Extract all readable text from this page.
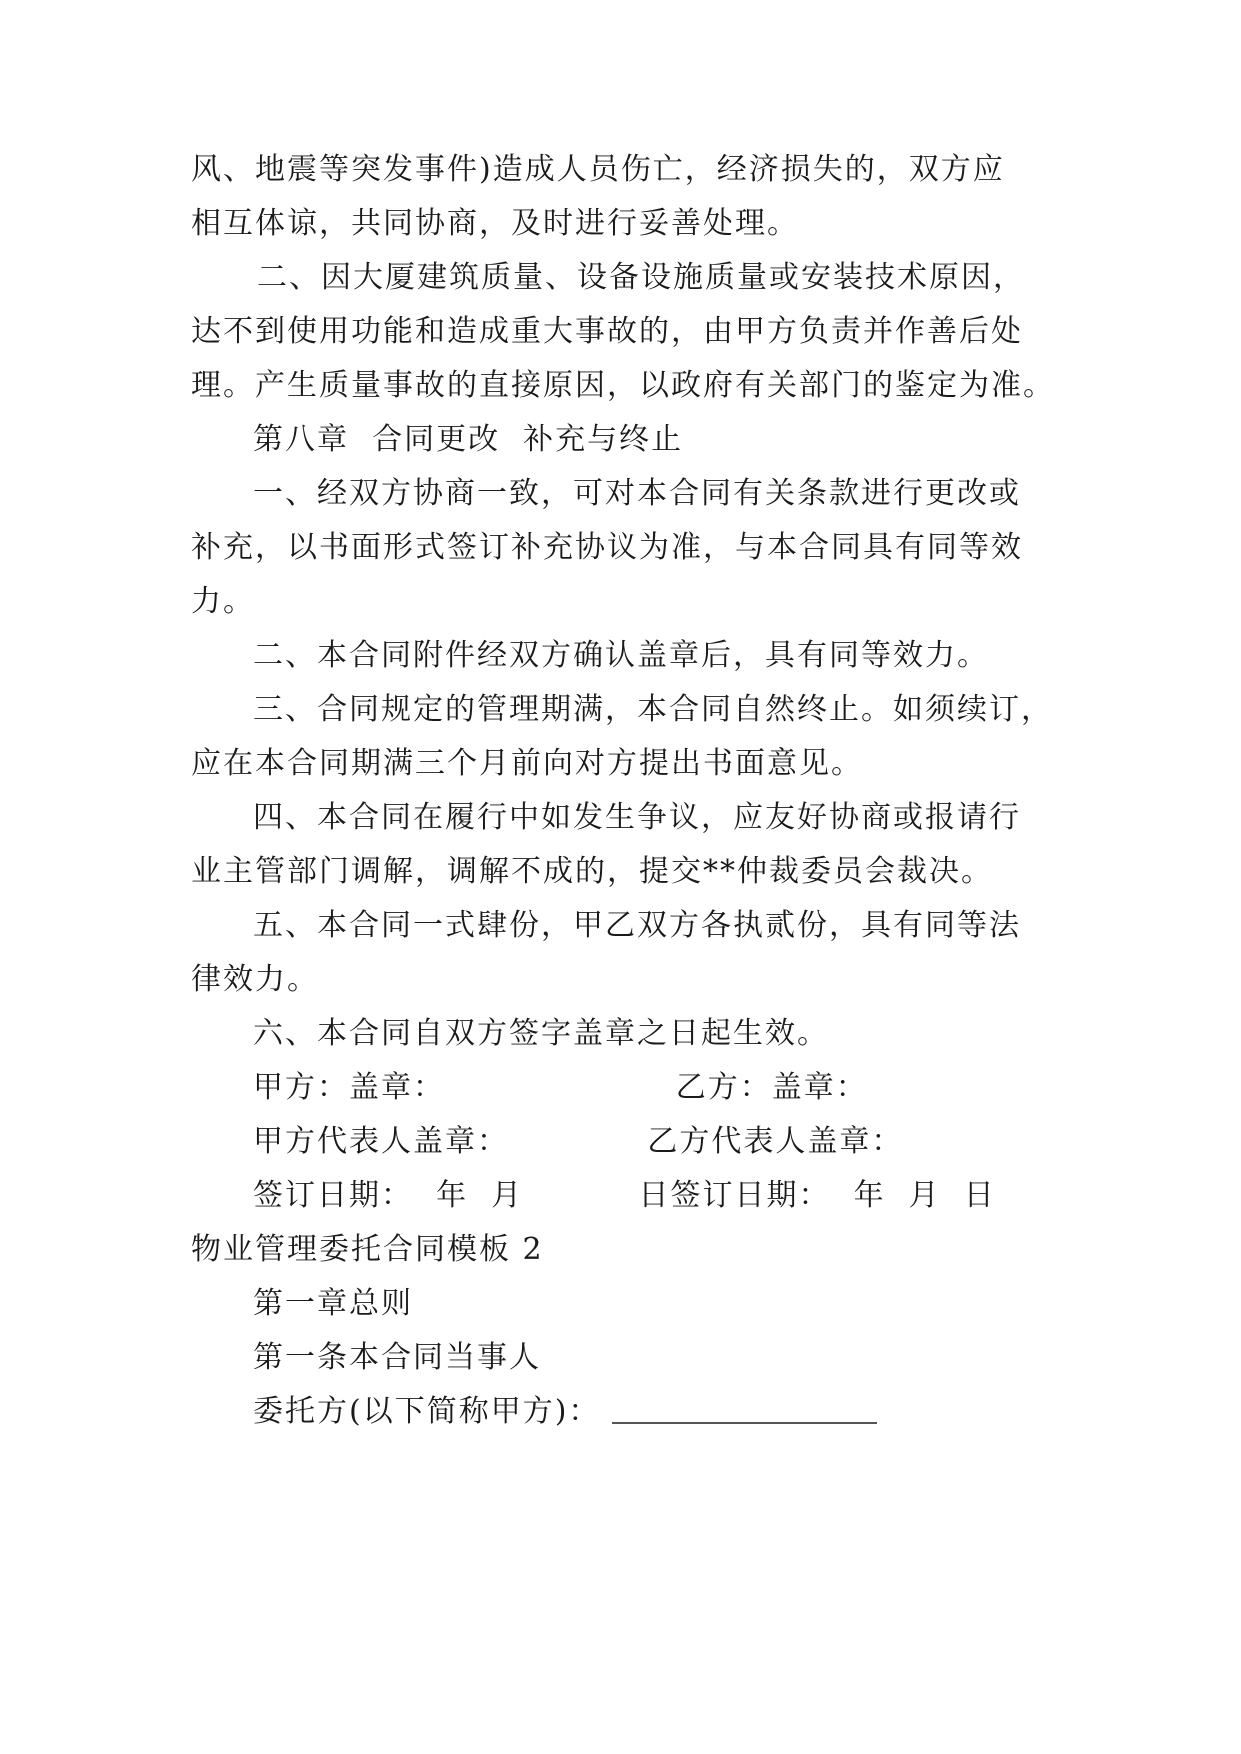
风、地震等突发事件)造成人员伤亡，经济损失的，双方应
相互体谅，共同协商，及时进行妥善处理。
二、因大厦建筑质量、设备设施质量或安装技术原因，
达不到使用功能和造成重大事故的，由甲方负责并作善后处
理。产生质量事故的直接原因，以政府有关部门的鉴定为准。
第八章  合同更改  补充与终止
一、经双方协商一致，可对本合同有关条款进行更改或
补充，以书面形式签订补充协议为准，与本合同具有同等效
力。
二、本合同附件经双方确认盖章后，具有同等效力。
三、合同规定的管理期满，本合同自然终止。如须续订，
应在本合同期满三个月前向对方提出书面意见。
四、本合同在履行中如发生争议，应友好协商或报请行
业主管部门调解，调解不成的，提交**仲裁委员会裁决。
五、本合同一式肆份，甲乙双方各执贰份，具有同等法
律效力。
六、本合同自双方签字盖章之日起生效。
甲方：盖章：                    乙方：盖章：
甲方代表人盖章：            乙方代表人盖章：
签订日期：  年  月          日签订日期：  年  月  日
物业管理委托合同模板 2
第一章总则
第一条本合同当事人
委托方(以下简称甲方)：
